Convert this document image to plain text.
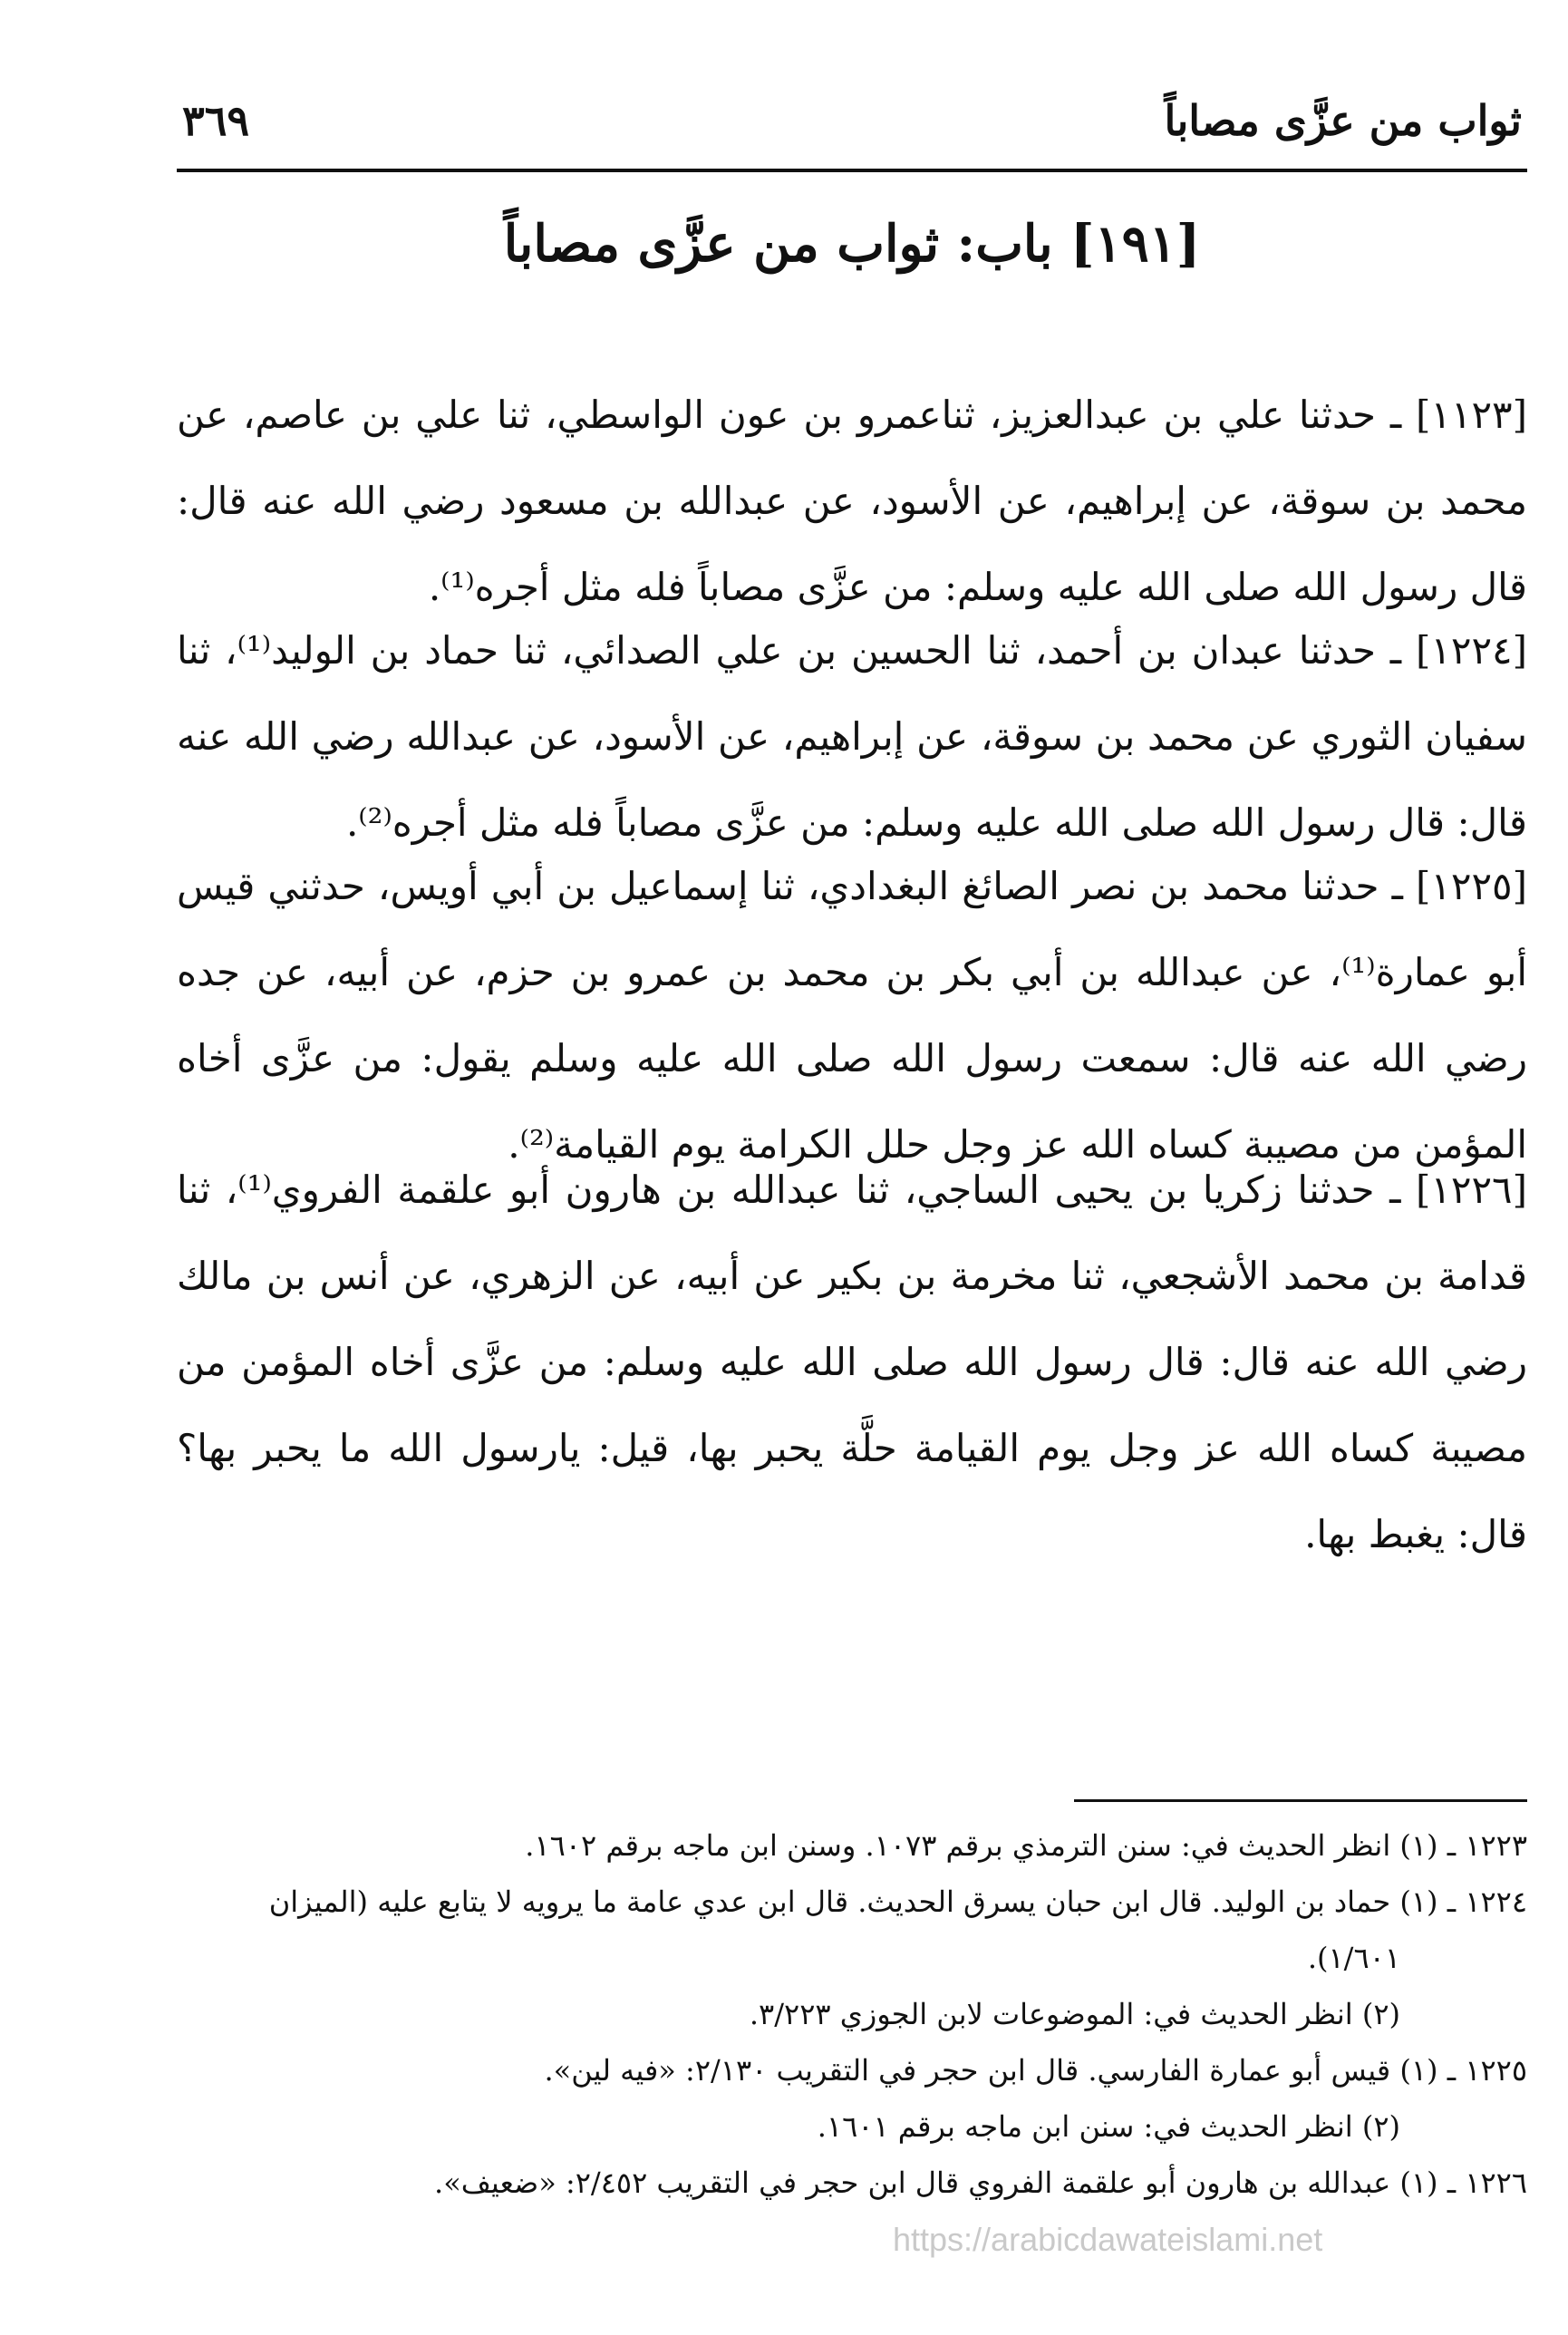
ثواب من عزَّى مصاباً
٣٦٩
[١٩١] باب: ثواب من عزَّى مصاباً

[١١٢٣] ـ حدثنا علي بن عبدالعزيز، ثناعمرو بن عون الواسطي، ثنا علي بن عاصم، عن محمد بن سوقة، عن إبراهيم، عن الأسود، عن عبدالله بن مسعود رضي الله عنه قال: قال رسول الله صلى الله عليه وسلم: من عزَّى مصاباً فله مثل أجره⁽¹⁾.

[١٢٢٤] ـ حدثنا عبدان بن أحمد، ثنا الحسين بن علي الصدائي، ثنا حماد بن الوليد⁽¹⁾، ثنا سفيان الثوري عن محمد بن سوقة، عن إبراهيم، عن الأسود، عن عبدالله رضي الله عنه قال: قال رسول الله صلى الله عليه وسلم: من عزَّى مصاباً فله مثل أجره⁽²⁾.

[١٢٢٥] ـ حدثنا محمد بن نصر الصائغ البغدادي، ثنا إسماعيل بن أبي أويس، حدثني قيس أبو عمارة⁽¹⁾، عن عبدالله بن أبي بكر بن محمد بن عمرو بن حزم، عن أبيه، عن جده رضي الله عنه قال: سمعت رسول الله صلى الله عليه وسلم يقول: من عزَّى أخاه المؤمن من مصيبة كساه الله عز وجل حلل الكرامة يوم القيامة⁽²⁾.

[١٢٢٦] ـ حدثنا زكريا بن يحيى الساجي، ثنا عبدالله بن هارون أبو علقمة الفروي⁽¹⁾، ثنا قدامة بن محمد الأشجعي، ثنا مخرمة بن بكير عن أبيه، عن الزهري، عن أنس بن مالك رضي الله عنه قال: قال رسول الله صلى الله عليه وسلم: من عزَّى أخاه المؤمن من مصيبة كساه الله عز وجل يوم القيامة حلَّة يحبر بها، قيل: يارسول الله ما يحبر بها؟ قال: يغبط بها.

١٢٢٣ ـ (١) انظر الحديث في: سنن الترمذي برقم ١٠٧٣. وسنن ابن ماجه برقم ١٦٠٢.
١٢٢٤ ـ (١) حماد بن الوليد. قال ابن حبان يسرق الحديث. قال ابن عدي عامة ما يرويه لا يتابع عليه (الميزان
١/٦٠١).
(٢) انظر الحديث في: الموضوعات لابن الجوزي ٣/٢٢٣.
١٢٢٥ ـ (١) قيس أبو عمارة الفارسي. قال ابن حجر في التقريب ٢/١٣٠: «فيه لين».
(٢) انظر الحديث في: سنن ابن ماجه برقم ١٦٠١.
١٢٢٦ ـ (١) عبدالله بن هارون أبو علقمة الفروي قال ابن حجر في التقريب ٢/٤٥٢: «ضعيف».
https://arabicdawateislami.net
